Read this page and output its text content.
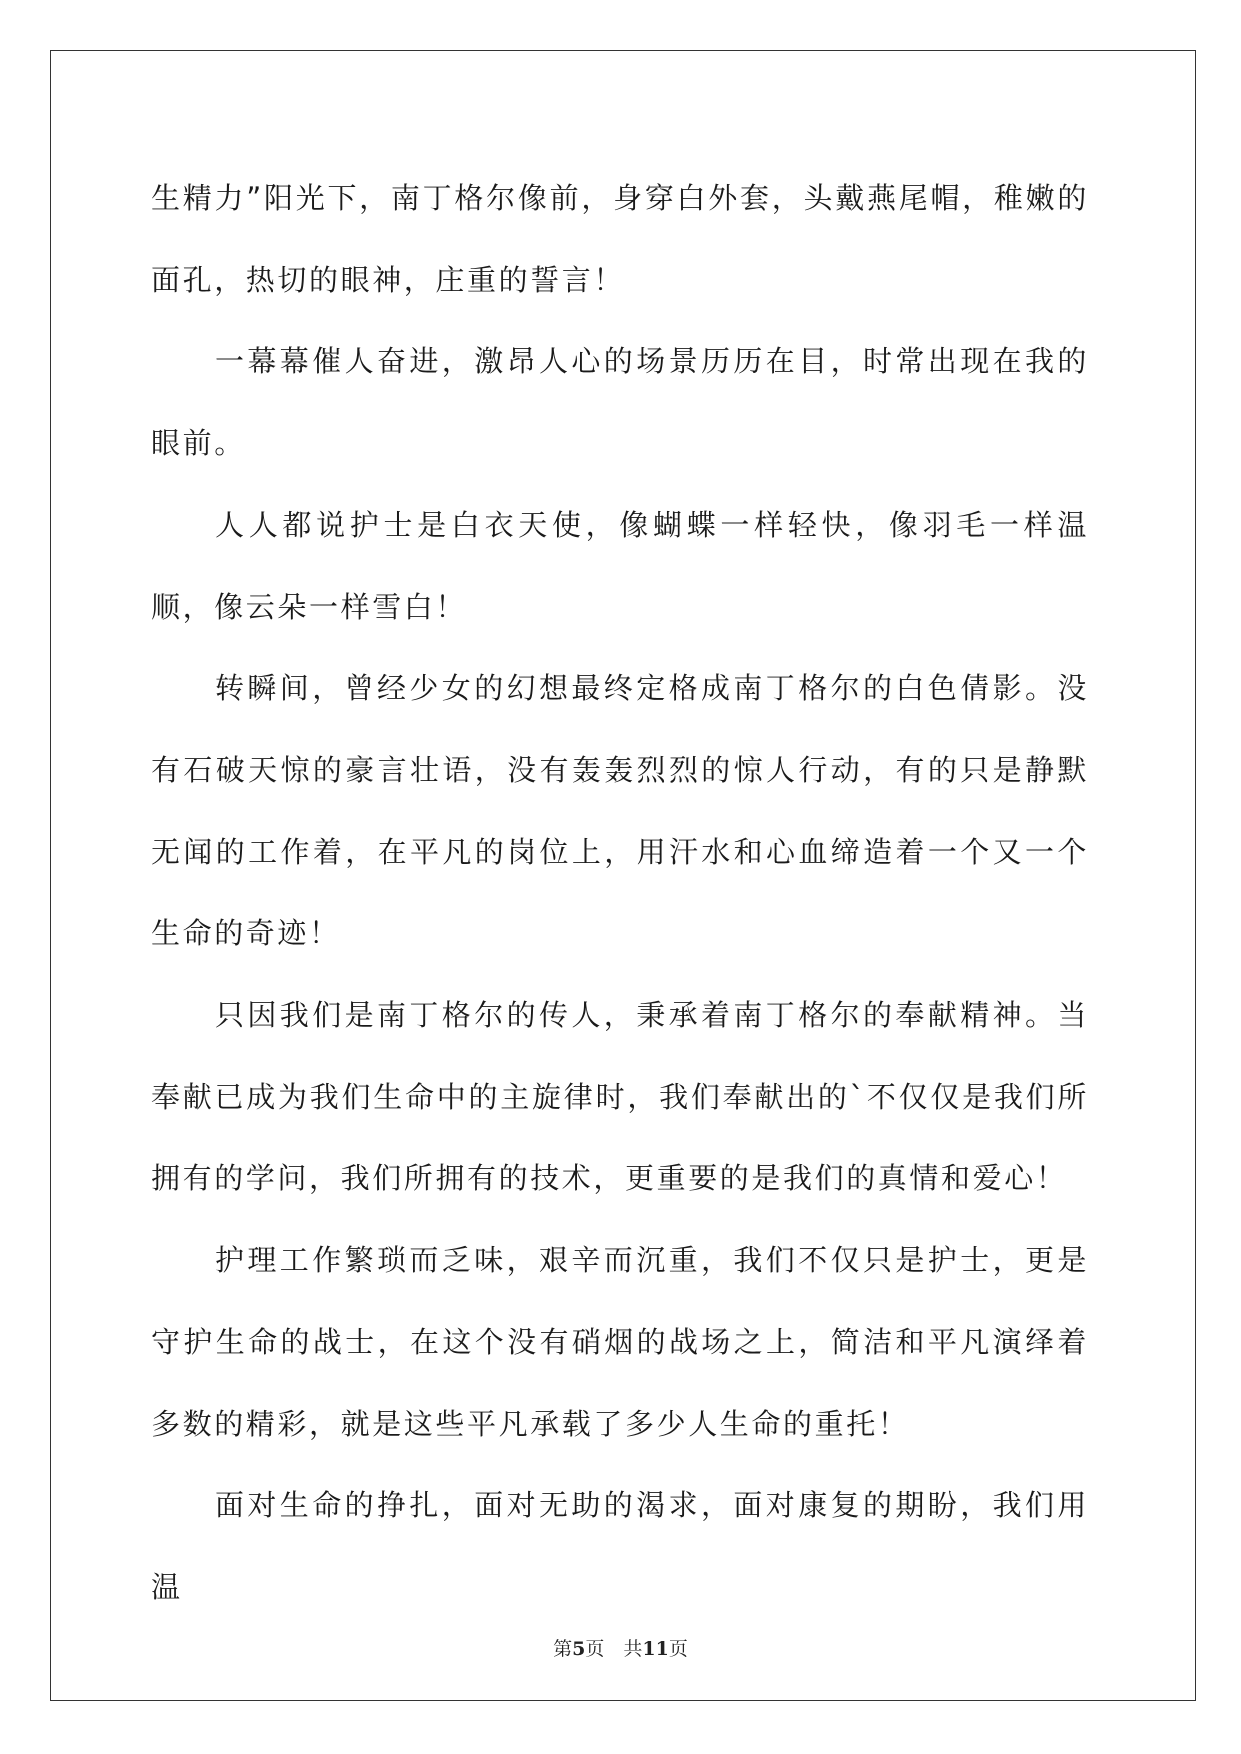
生精力”阳光下，南丁格尔像前，身穿白外套，头戴燕尾帽，稚嫩的面孔，热切的眼神，庄重的誓言！

一幕幕催人奋进，激昂人心的场景历历在目，时常出现在我的眼前。

人人都说护士是白衣天使，像蝴蝶一样轻快，像羽毛一样温顺，像云朵一样雪白！

转瞬间，曾经少女的幻想最终定格成南丁格尔的白色倩影。没有石破天惊的豪言壮语，没有轰轰烈烈的惊人行动，有的只是静默无闻的工作着，在平凡的岗位上，用汗水和心血缔造着一个又一个生命的奇迹！

只因我们是南丁格尔的传人，秉承着南丁格尔的奉献精神。当奉献已成为我们生命中的主旋律时，我们奉献出的`不仅仅是我们所拥有的学问，我们所拥有的技术，更重要的是我们的真情和爱心！

护理工作繁琐而乏味，艰辛而沉重，我们不仅只是护士，更是守护生命的战士，在这个没有硝烟的战场之上，简洁和平凡演绎着多数的精彩，就是这些平凡承载了多少人生命的重托！

面对生命的挣扎，面对无助的渴求，面对康复的期盼，我们用温

第5页　共11页
